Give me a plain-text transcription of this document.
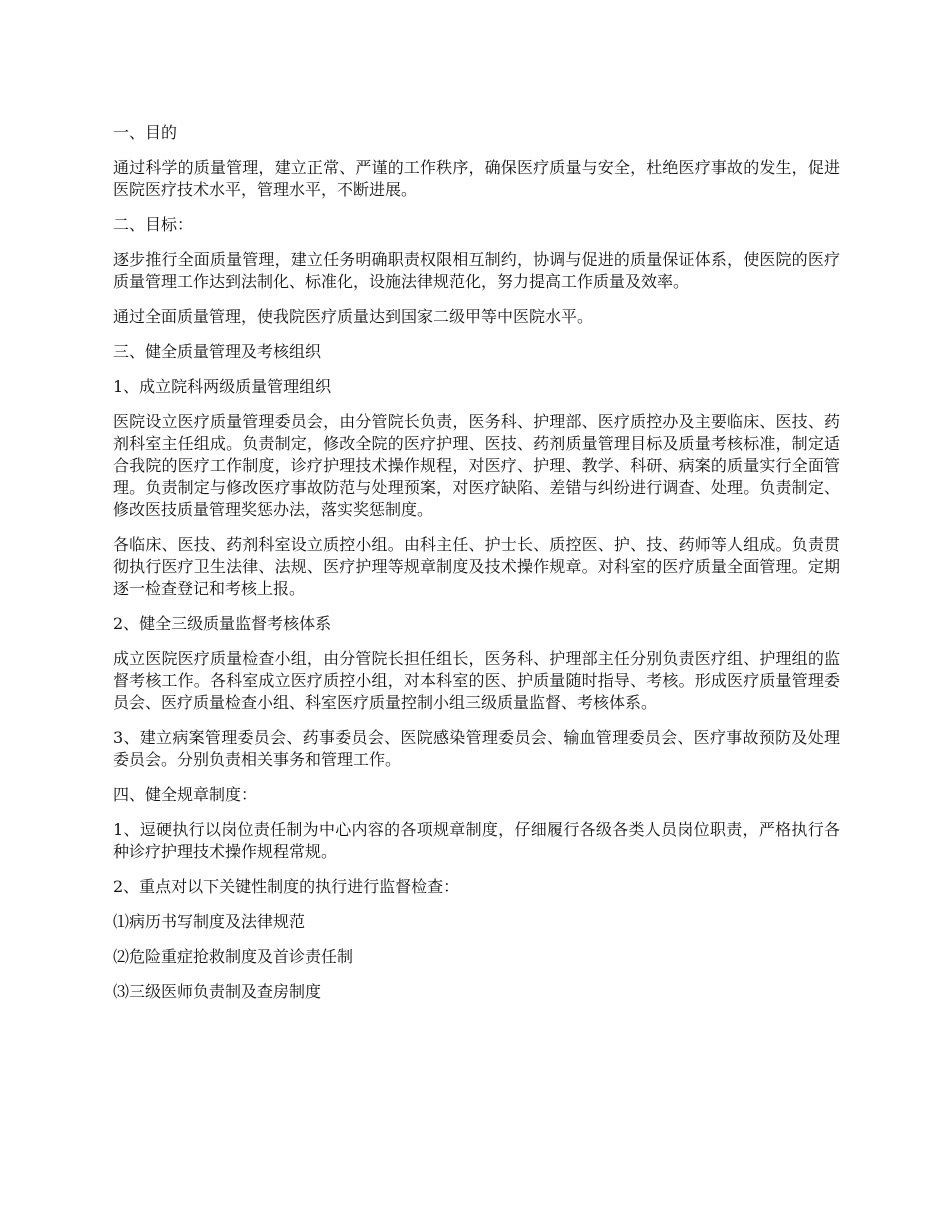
一、目的

通过科学的质量管理，建立正常、严谨的工作秩序，确保医疗质量与安全，杜绝医疗事故的发生，促进医院医疗技术水平，管理水平，不断进展。

二、目标：

逐步推行全面质量管理，建立任务明确职责权限相互制约，协调与促进的质量保证体系，使医院的医疗质量管理工作达到法制化、标准化，设施法律规范化，努力提高工作质量及效率。

通过全面质量管理，使我院医疗质量达到国家二级甲等中医院水平。

三、健全质量管理及考核组织

1、成立院科两级质量管理组织

医院设立医疗质量管理委员会，由分管院长负责，医务科、护理部、医疗质控办及主要临床、医技、药剂科室主任组成。负责制定，修改全院的医疗护理、医技、药剂质量管理目标及质量考核标准，制定适合我院的医疗工作制度，诊疗护理技术操作规程，对医疗、护理、教学、科研、病案的质量实行全面管理。负责制定与修改医疗事故防范与处理预案，对医疗缺陷、差错与纠纷进行调查、处理。负责制定、修改医技质量管理奖惩办法，落实奖惩制度。

各临床、医技、药剂科室设立质控小组。由科主任、护士长、质控医、护、技、药师等人组成。负责贯彻执行医疗卫生法律、法规、医疗护理等规章制度及技术操作规章。对科室的医疗质量全面管理。定期逐一检查登记和考核上报。

2、健全三级质量监督考核体系

成立医院医疗质量检查小组，由分管院长担任组长，医务科、护理部主任分别负责医疗组、护理组的监督考核工作。各科室成立医疗质控小组，对本科室的医、护质量随时指导、考核。形成医疗质量管理委员会、医疗质量检查小组、科室医疗质量控制小组三级质量监督、考核体系。

3、建立病案管理委员会、药事委员会、医院感染管理委员会、输血管理委员会、医疗事故预防及处理委员会。分别负责相关事务和管理工作。

四、健全规章制度：

1、逗硬执行以岗位责任制为中心内容的各项规章制度，仔细履行各级各类人员岗位职责，严格执行各种诊疗护理技术操作规程常规。

2、重点对以下关键性制度的执行进行监督检查：

⑴病历书写制度及法律规范

⑵危险重症抢救制度及首诊责任制

⑶三级医师负责制及查房制度
